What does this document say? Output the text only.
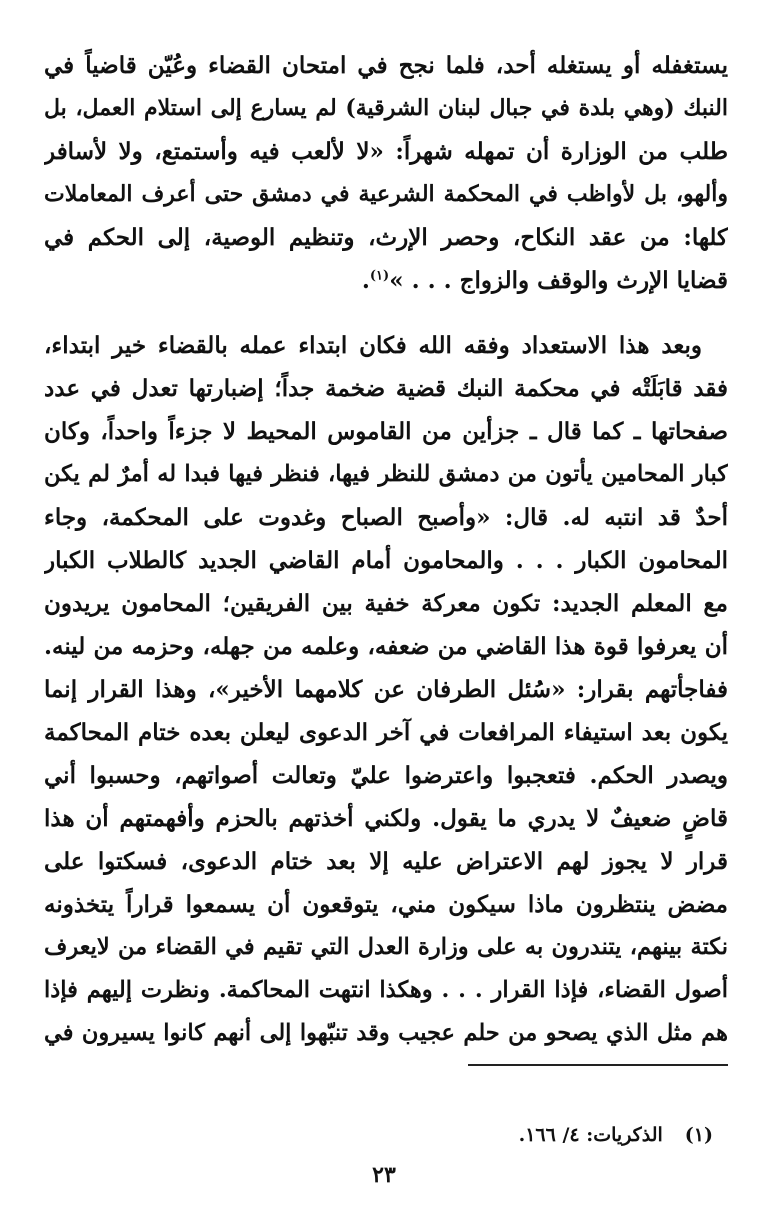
يستغفله أو يستغله أحد، فلما نجح في امتحان القضاء وعُيّن قاضياً في
النبك (وهي بلدة في جبال لبنان الشرقية) لم يسارع إلى استلام العمل، بل
طلب من الوزارة أن تمهله شهراً: «لا لألعب فيه وأستمتع، ولا لأسافر
وألهو، بل لأواظب في المحكمة الشرعية في دمشق حتى أعرف المعاملات
كلها: من عقد النكاح، وحصر الإرث، وتنظيم الوصية، إلى الحكم في
قضايا الإرث والوقف والزواج . . . »$^{(١)}$.
وبعد هذا الاستعداد وفقه الله فكان ابتداء عمله بالقضاء خير ابتداء،
فقد قابَلَتْه في محكمة النبك قضية ضخمة جداً؛ إضبارتها تعدل في عدد
صفحاتها ـ كما قال ـ جزأين من القاموس المحيط لا جزءاً واحداً، وكان
كبار المحامين يأتون من دمشق للنظر فيها، فنظر فيها فبدا له أمرٌ لم يكن
أحدٌ قد انتبه له. قال: «وأصبح الصباح وغدوت على المحكمة، وجاء
المحامون الكبار . . . والمحامون أمام القاضي الجديد كالطلاب الكبار
مع المعلم الجديد: تكون معركة خفية بين الفريقين؛ المحامون يريدون
أن يعرفوا قوة هذا القاضي من ضعفه، وعلمه من جهله، وحزمه من لينه.
ففاجأتهم بقرار: «سُئل الطرفان عن كلامهما الأخير»، وهذا القرار إنما
يكون بعد استيفاء المرافعات في آخر الدعوى ليعلن بعده ختام المحاكمة
ويصدر الحكم. فتعجبوا واعترضوا عليّ وتعالت أصواتهم، وحسبوا أني
قاضٍ ضعيفٌ لا يدري ما يقول. ولكني أخذتهم بالحزم وأفهمتهم أن هذا
قرار لا يجوز لهم الاعتراض عليه إلا بعد ختام الدعوى، فسكتوا على
مضض ينتظرون ماذا سيكون مني، يتوقعون أن يسمعوا قراراً يتخذونه
نكتة بينهم، يتندرون به على وزارة العدل التي تقيم في القضاء من لايعرف
أصول القضاء، فإذا القرار . . . وهكذا انتهت المحاكمة. ونظرت إليهم فإذا
هم مثل الذي يصحو من حلم عجيب وقد تنبّهوا إلى أنهم كانوا يسيرون في
(١)الذكريات: ٤/ ١٦٦.
٢٣
